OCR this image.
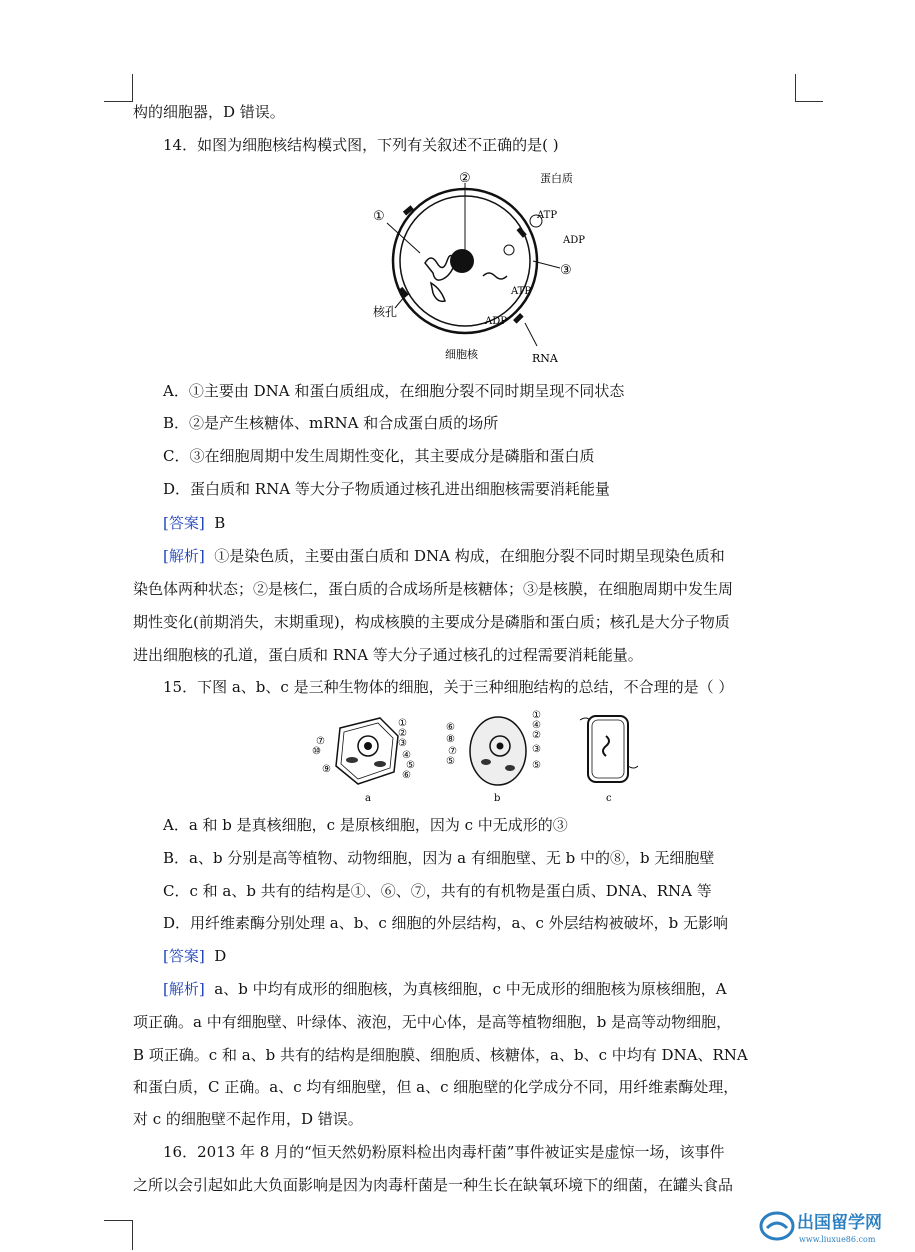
构的细胞器，D 错误。
14．如图为细胞核结构模式图，下列有关叙述不正确的是( )
②
①
③
蛋白质
ATP
ADP
ATP
ADP
核孔
细胞核	RNA
A．①主要由 DNA 和蛋白质组成，在细胞分裂不同时期呈现不同状态
B．②是产生核糖体、mRNA 和合成蛋白质的场所
C．③在细胞周期中发生周期性变化，其主要成分是磷脂和蛋白质
D．蛋白质和 RNA 等大分子物质通过核孔进出细胞核需要消耗能量
[答案] B
[解析] ①是染色质，主要由蛋白质和 DNA 构成，在细胞分裂不同时期呈现染色质和
染色体两种状态；②是核仁，蛋白质的合成场所是核糖体；③是核膜，在细胞周期中发生周
期性变化(前期消失，末期重现)，构成核膜的主要成分是磷脂和蛋白质；核孔是大分子物质
进出细胞核的孔道，蛋白质和 RNA 等大分子通过核孔的过程需要消耗能量。
15．下图 a、b、c 是三种生物体的细胞，关于三种细胞结构的总结，不合理的是（ ）
a
①
②
③
④
⑤
⑥
⑦
⑩
⑨
b
⑥
⑧
⑦
⑤
①
④
②
③
⑤
c
A．a 和 b 是真核细胞，c 是原核细胞，因为 c 中无成形的③
B．a、b 分别是高等植物、动物细胞，因为 a 有细胞壁、无 b 中的⑧，b 无细胞壁
C．c 和 a、b 共有的结构是①、⑥、⑦，共有的有机物是蛋白质、DNA、RNA 等
D．用纤维素酶分别处理 a、b、c 细胞的外层结构，a、c 外层结构被破坏，b 无影响
[答案] D
[解析] a、b 中均有成形的细胞核，为真核细胞，c 中无成形的细胞核为原核细胞，A
项正确。a 中有细胞壁、叶绿体、液泡，无中心体，是高等植物细胞，b 是高等动物细胞，
B 项正确。c 和 a、b 共有的结构是细胞膜、细胞质、核糖体，a、b、c 中均有 DNA、RNA
和蛋白质，C 正确。a、c 均有细胞壁，但 a、c 细胞壁的化学成分不同，用纤维素酶处理，
对 c 的细胞壁不起作用，D 错误。
16．2013 年 8 月的“恒天然奶粉原料检出肉毒杆菌”事件被证实是虚惊一场，该事件
之所以会引起如此大负面影响是因为肉毒杆菌是一种生长在缺氧环境下的细菌，在罐头食品
出国留学网
www.liuxue86.com
